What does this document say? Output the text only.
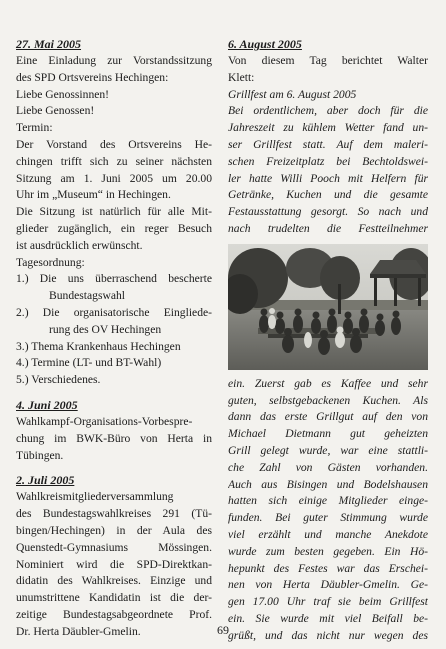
27. Mai 2005
Eine Einladung zur Vorstandssitzung
des SPD Ortsvereins Hechingen:
Liebe Genossinnen!
Liebe Genossen!
Termin:
Der Vorstand des Ortsvereins He-
chingen trifft sich zu seiner nächsten
Sitzung am 1. Juni 2005 um 20.00
Uhr im „Museum“ in Hechingen.
Die Sitzung ist natürlich für alle Mit-
glieder zugänglich, ein reger Besuch
ist ausdrücklich erwünscht.
Tagesordnung:
1.) Die uns überraschend bescherte
Bundestagswahl
2.) Die organisatorische Eingliede-
rung des OV Hechingen
3.) Thema Krankenhaus Hechingen
4.) Termine (LT- und BT-Wahl)
5.) Verschiedenes.
4. Juni 2005
Wahlkampf-Organisations-Vorbespre-
chung im BWK-Büro von Herta in
Tübingen.
2. Juli 2005
Wahlkreismitgliederversammlung
des Bundestagswahlkreises 291 (Tü-
bingen/Hechingen) in der Aula des
Quenstedt-Gymnasiums Mössingen.
Nominiert wird die SPD-Direktkan-
didatin des Wahlkreises. Einzige und
unumstrittene Kandidatin ist die der-
zeitige Bundestagsabgeordnete Prof.
Dr. Herta Däubler-Gmelin.
6. August 2005
Von diesem Tag berichtet Walter
Klett:
Grillfest am 6. August 2005
Bei ordentlichem, aber doch für die
Jahreszeit zu kühlem Wetter fand un-
ser Grillfest statt. Auf dem maleri-
schen Freizeitplatz bei Bechtoldswei-
ler hatte Willi Pooch mit Helfern für
Getränke, Kuchen und die gesamte
Festausstattung gesorgt. So nach und
nach trudelten die Festteilnehmer
ein. Zuerst gab es Kaffee und sehr
guten, selbstgebackenen Kuchen. Als
dann das erste Grillgut auf den von
Michael Dietmann gut geheizten
Grill gelegt wurde, war eine stattli-
che Zahl von Gästen vorhanden.
Auch aus Bisingen und Bodelshausen
hatten sich einige Mitglieder einge-
funden. Bei guter Stimmung wurde
viel erzählt und manche Anekdote
wurde zum besten gegeben. Ein Hö-
hepunkt des Festes war das Erschei-
nen von Herta Däubler-Gmelin. Ge-
gen 17.00 Uhr traf sie beim Grillfest
ein. Sie wurde mit viel Beifall be-
grüßt, und das nicht nur wegen des
69
